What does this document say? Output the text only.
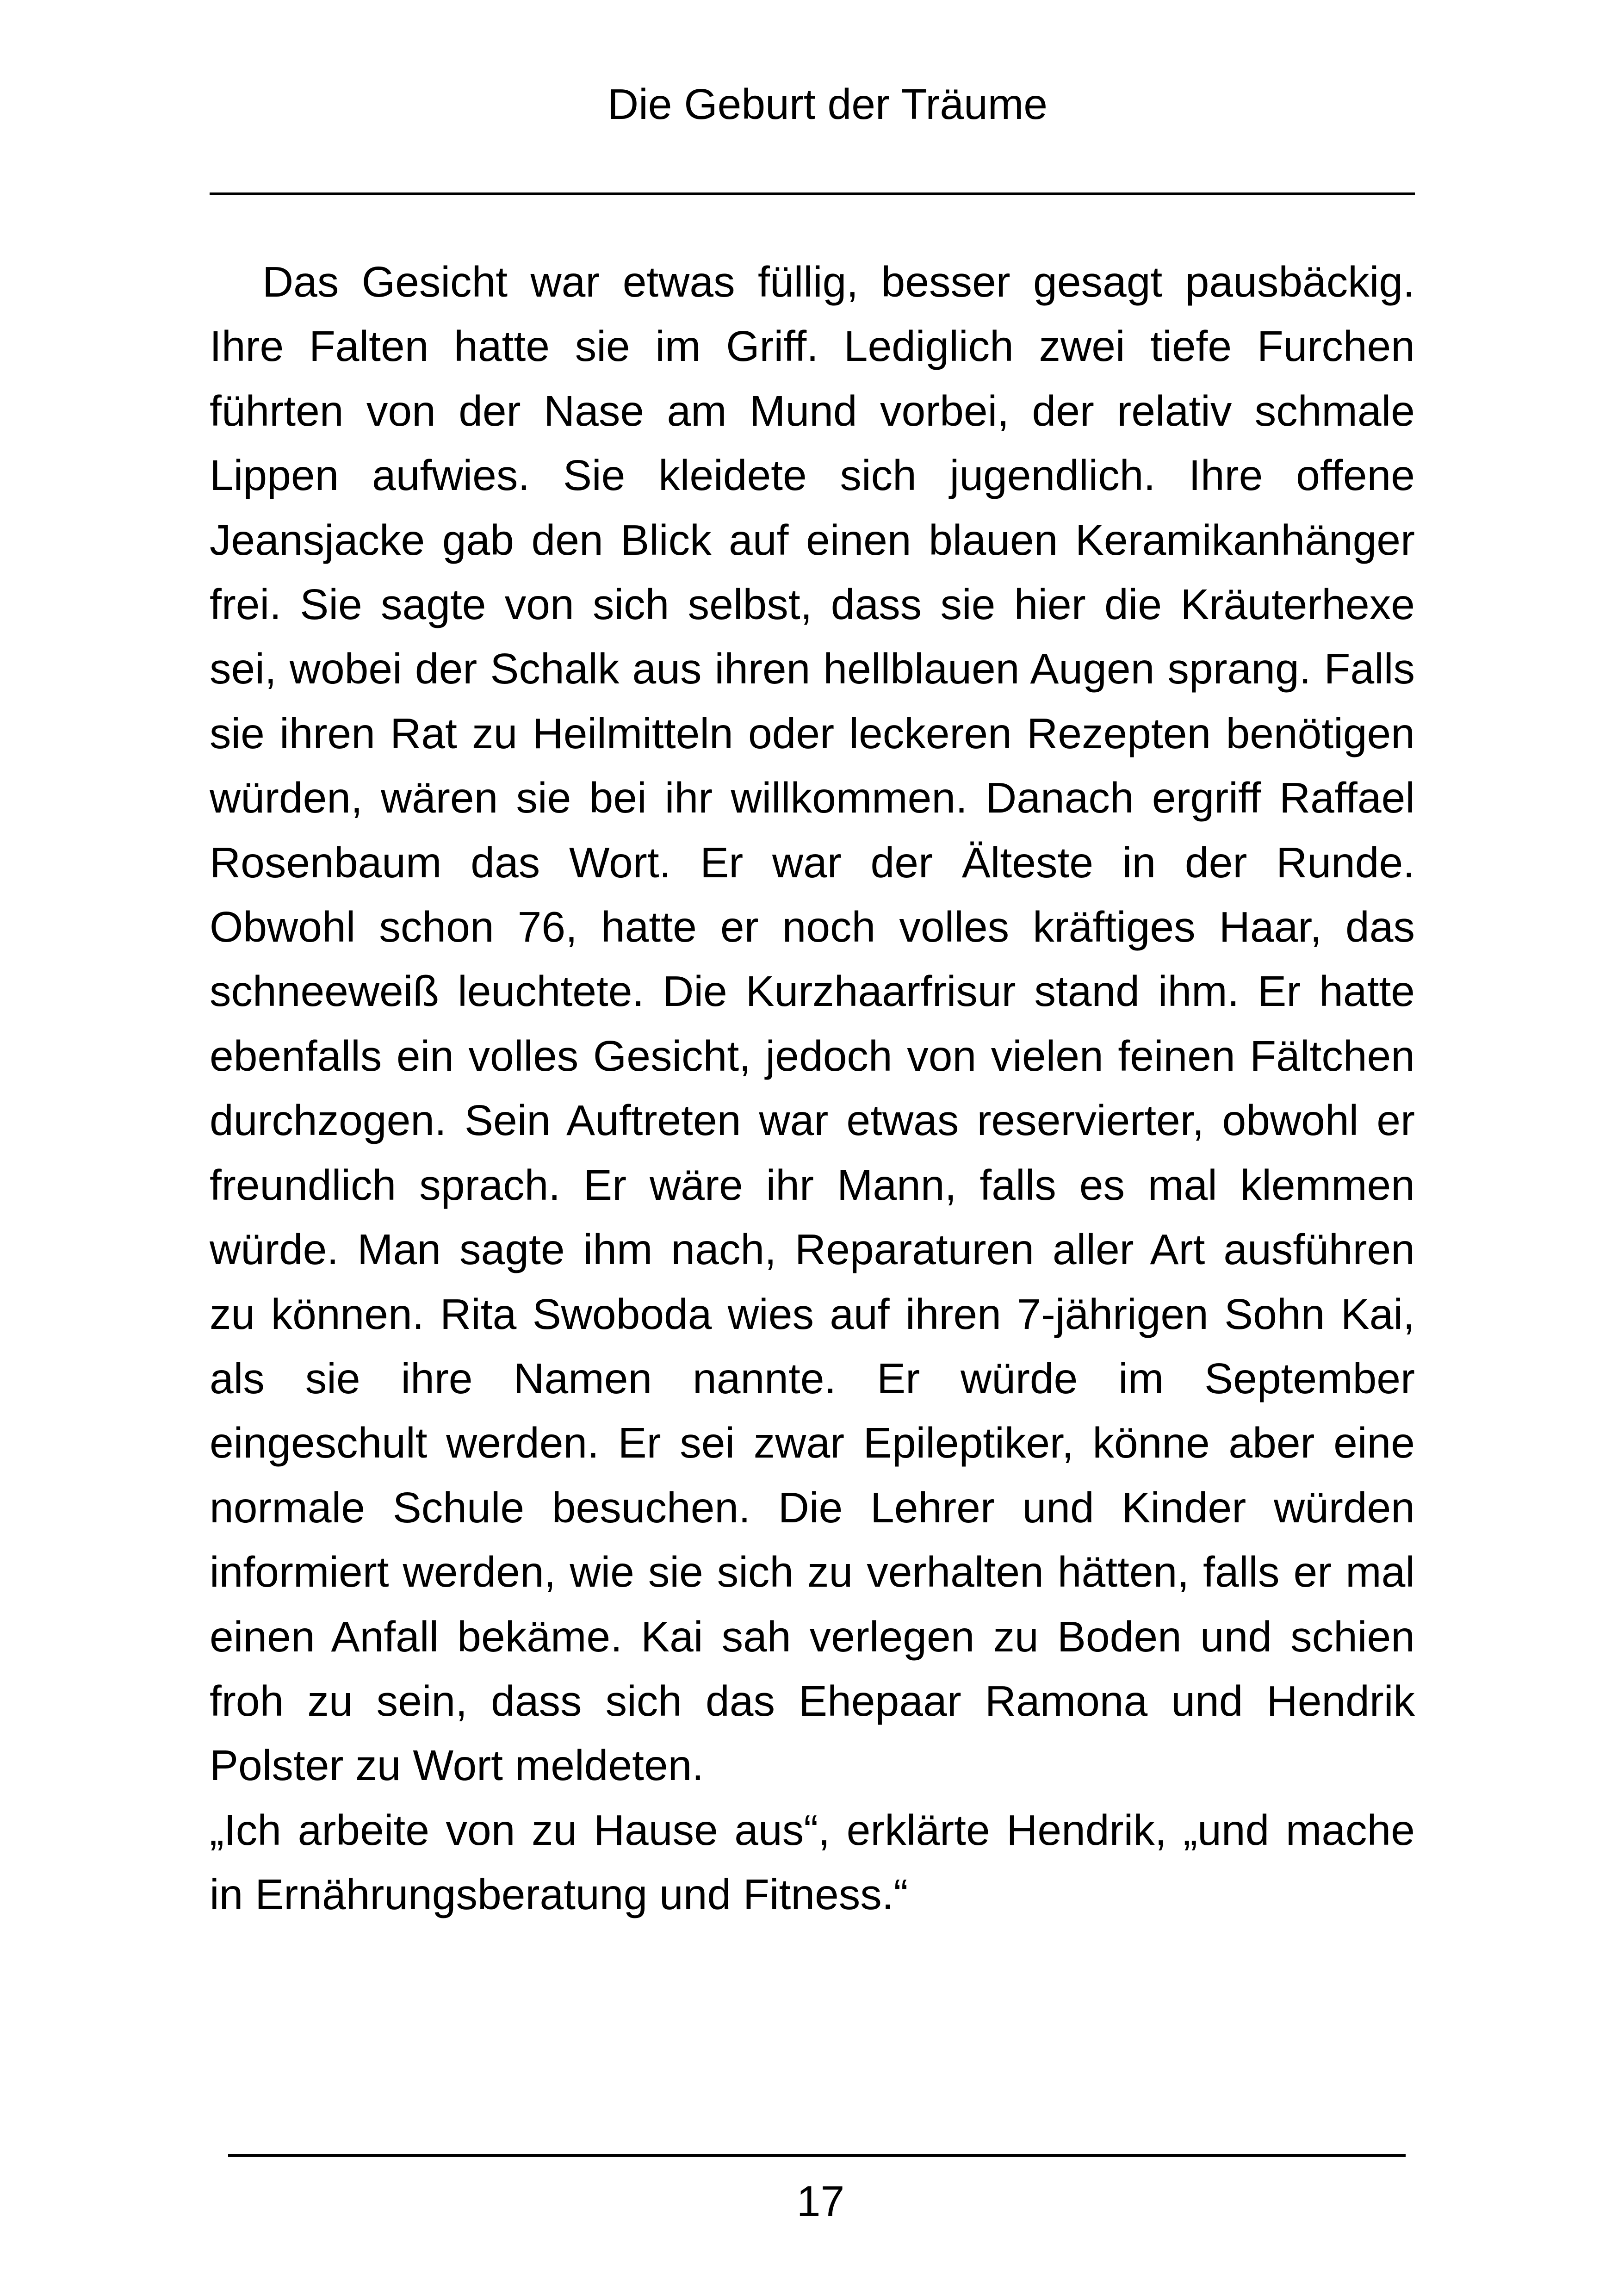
Die Geburt der Träume

Das Gesicht war etwas füllig, besser gesagt pausbäckig. Ihre Falten hatte sie im Griff. Lediglich zwei tiefe Furchen führten von der Nase am Mund vorbei, der relativ schmale Lippen aufwies. Sie kleidete sich jugendlich. Ihre offene Jeansjacke gab den Blick auf einen blauen Keramikanhänger frei. Sie sagte von sich selbst, dass sie hier die Kräuterhexe sei, wobei der Schalk aus ihren hellblauen Augen sprang. Falls sie ihren Rat zu Heilmitteln oder leckeren Rezepten benötigen würden, wären sie bei ihr willkommen. Danach ergriff Raffael Rosenbaum das Wort. Er war der Älteste in der Runde. Obwohl schon 76, hatte er noch volles kräftiges Haar, das schneeweiß leuchtete. Die Kurzhaarfrisur stand ihm. Er hatte ebenfalls ein volles Gesicht, jedoch von vielen feinen Fältchen durchzogen. Sein Auftreten war etwas reservierter, obwohl er freundlich sprach. Er wäre ihr Mann, falls es mal klemmen würde. Man sagte ihm nach, Reparaturen aller Art ausführen zu können. Rita Swoboda wies auf ihren 7-jährigen Sohn Kai, als sie ihre Namen nannte. Er würde im September eingeschult werden. Er sei zwar Epileptiker, könne aber eine normale Schule besuchen. Die Lehrer und Kinder würden informiert werden, wie sie sich zu verhalten hätten, falls er mal einen Anfall bekäme. Kai sah verlegen zu Boden und schien froh zu sein, dass sich das Ehepaar Ramona und Hendrik Polster zu Wort meldeten.

„Ich arbeite von zu Hause aus“, erklärte Hendrik, „und mache in Ernährungsberatung und Fitness.“

17
